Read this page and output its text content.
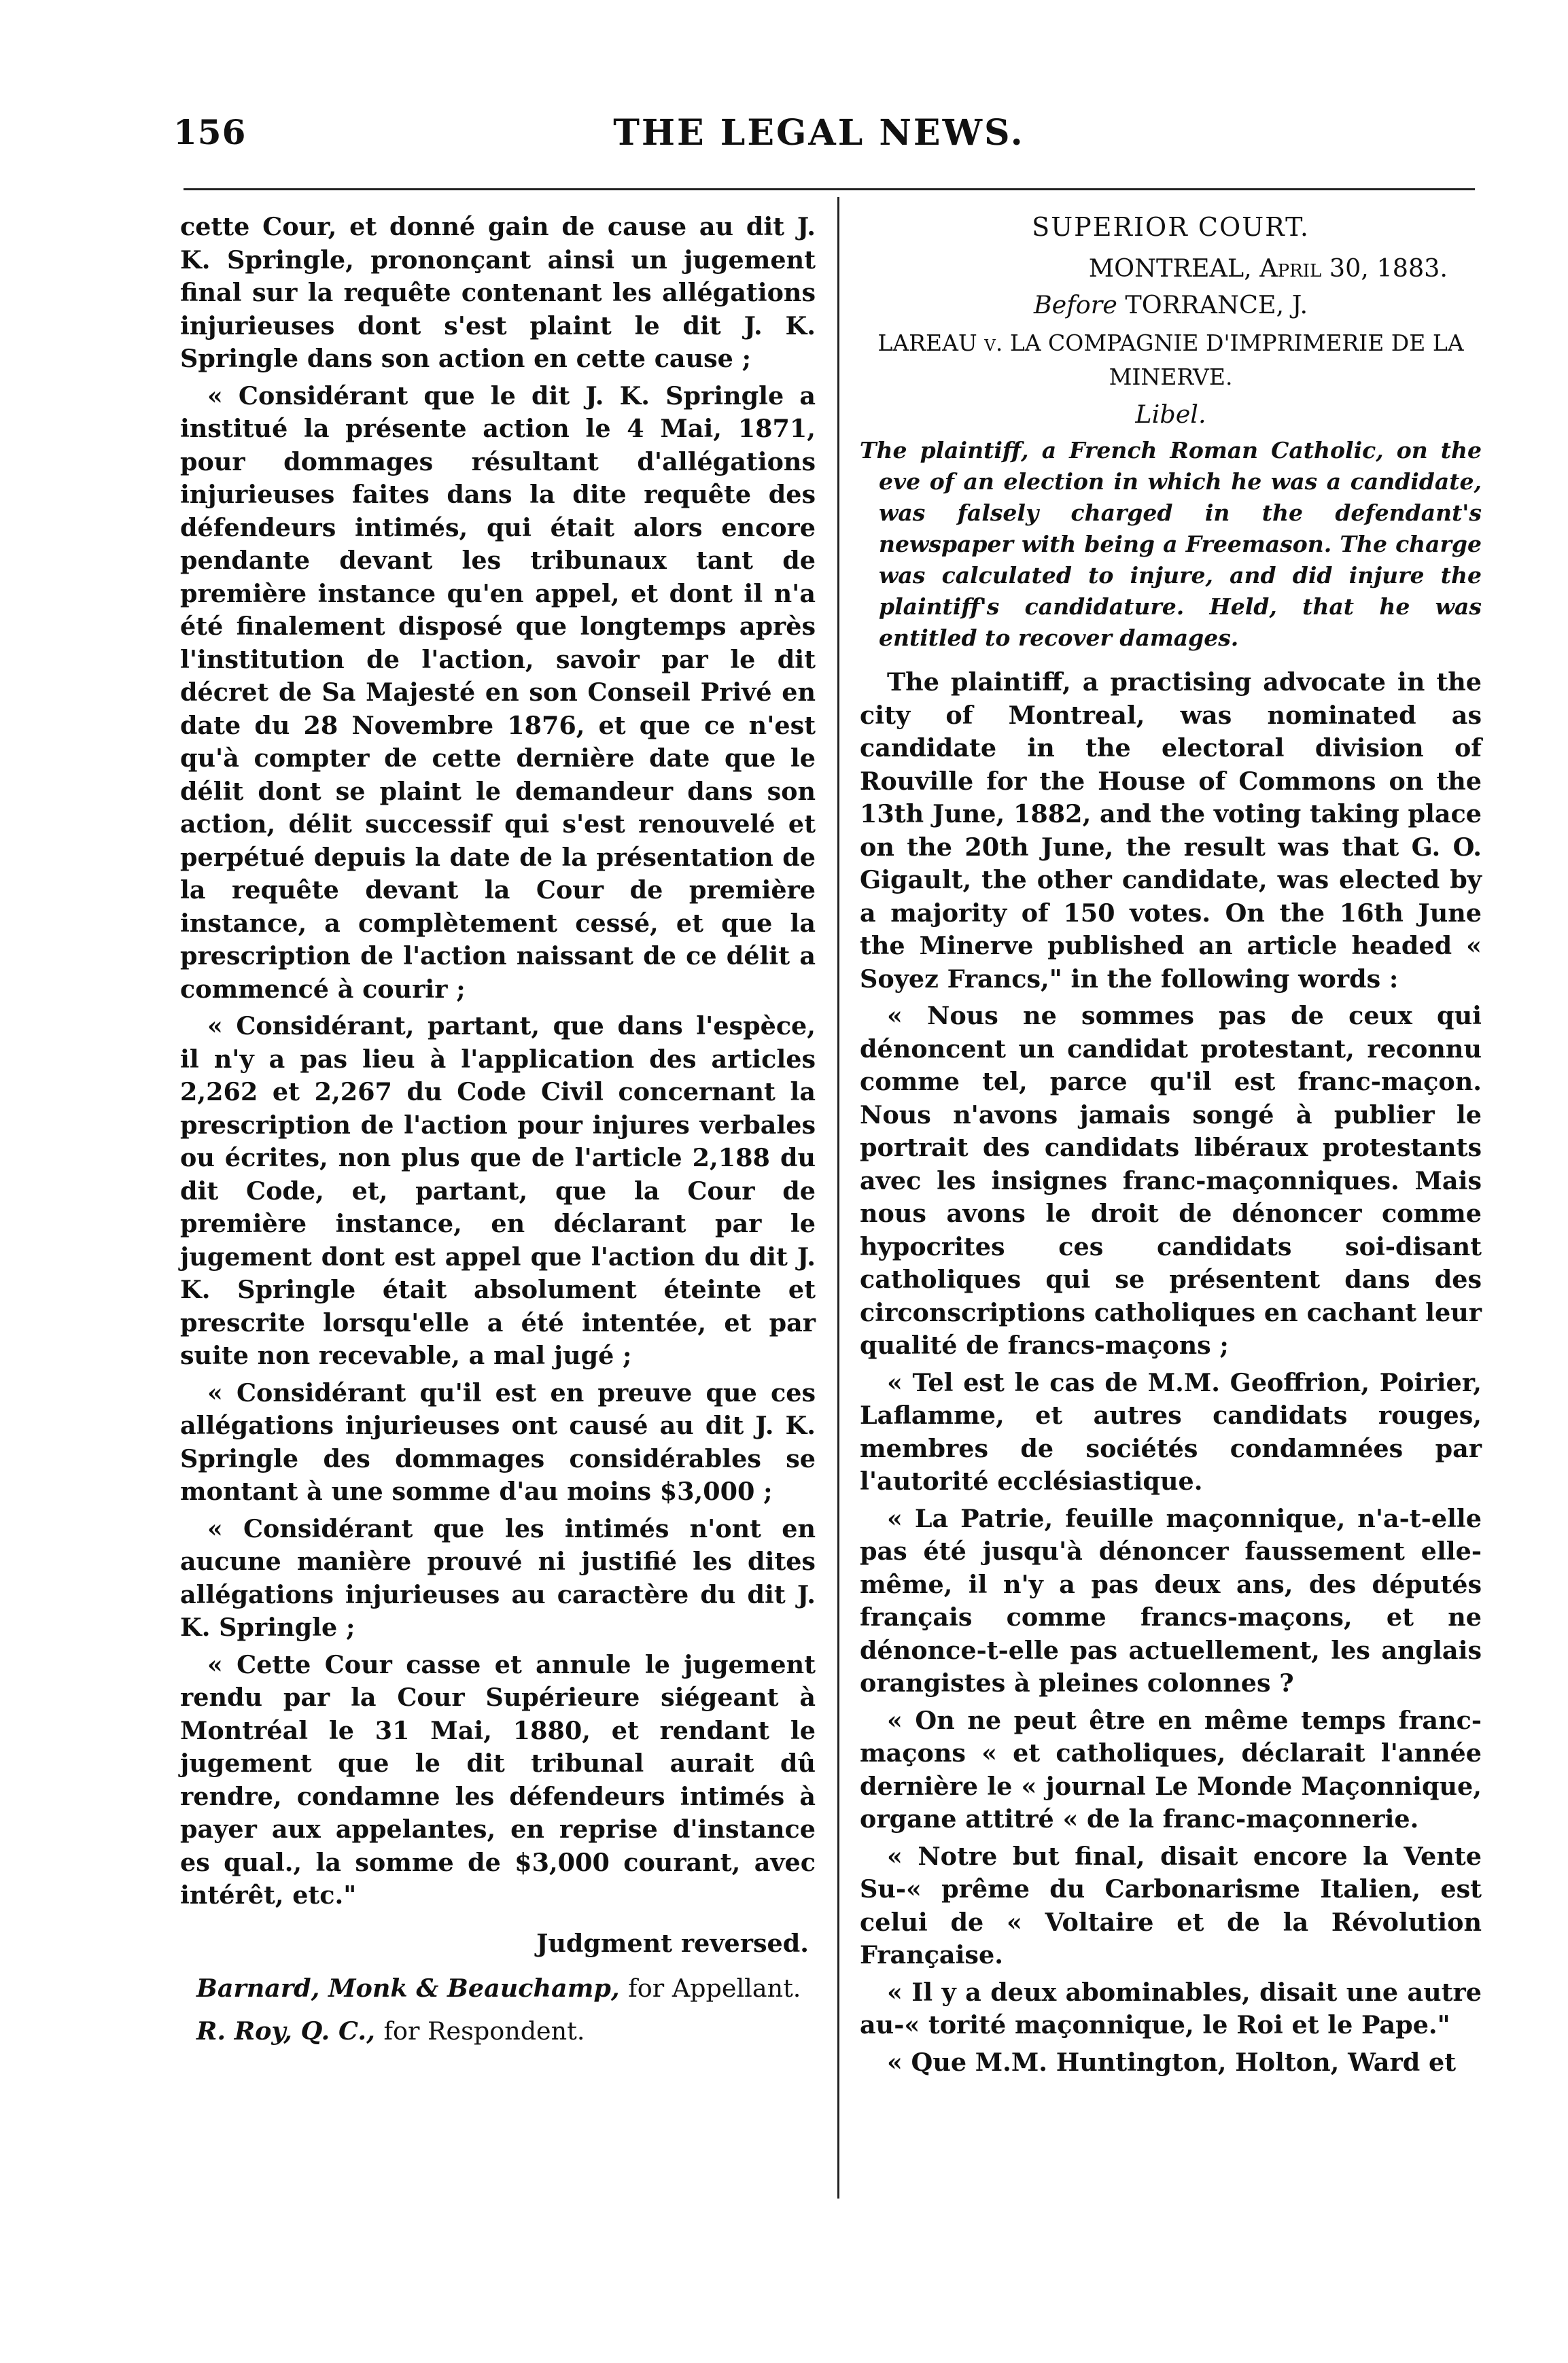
156	THE LEGAL NEWS.

cette Cour, et donné gain de cause au dit J. K. Springle, prononçant ainsi un jugement final sur la requête contenant les allégations injurieuses dont s'est plaint le dit J. K. Springle dans son action en cette cause ;

« Considérant que le dit J. K. Springle a institué la présente action le 4 Mai, 1871, pour dommages résultant d'allégations injurieuses faites dans la dite requête des défendeurs intimés, qui était alors encore pendante devant les tribunaux tant de première instance qu'en appel, et dont il n'a été finalement disposé que longtemps après l'institution de l'action, savoir par le dit décret de Sa Majesté en son Conseil Privé en date du 28 Novembre 1876, et que ce n'est qu'à compter de cette dernière date que le délit dont se plaint le demandeur dans son action, délit successif qui s'est renouvelé et perpétué depuis la date de la présentation de la requête devant la Cour de première instance, a complètement cessé, et que la prescription de l'action naissant de ce délit a commencé à courir ;

« Considérant, partant, que dans l'espèce, il n'y a pas lieu à l'application des articles 2,262 et 2,267 du Code Civil concernant la prescription de l'action pour injures verbales ou écrites, non plus que de l'article 2,188 du dit Code, et, partant, que la Cour de première instance, en déclarant par le jugement dont est appel que l'action du dit J. K. Springle était absolument éteinte et prescrite lorsqu'elle a été intentée, et par suite non recevable, a mal jugé ;

« Considérant qu'il est en preuve que ces allégations injurieuses ont causé au dit J. K. Springle des dommages considérables se montant à une somme d'au moins $3,000 ;

« Considérant que les intimés n'ont en aucune manière prouvé ni justifié les dites allégations injurieuses au caractère du dit J. K. Springle ;

« Cette Cour casse et annule le jugement rendu par la Cour Supérieure siégeant à Montréal le 31 Mai, 1880, et rendant le jugement que le dit tribunal aurait dû rendre, condamne les défendeurs intimés à payer aux appelantes, en reprise d'instance es qual., la somme de $3,000 courant, avec intérêt, etc."

Judgment reversed.

Barnard, Monk & Beauchamp, for Appellant.

R. Roy, Q. C., for Respondent.

SUPERIOR COURT.

MONTREAL, April 30, 1883.

Before TORRANCE, J.

LAREAU v. LA COMPAGNIE D'IMPRIMERIE DE LA MINERVE.

Libel.

The plaintiff, a French Roman Catholic, on the eve of an election in which he was a candidate, was falsely charged in the defendant's newspaper with being a Freemason. The charge was calculated to injure, and did injure the plaintiff's candidature. Held, that he was entitled to recover damages.

The plaintiff, a practising advocate in the city of Montreal, was nominated as candidate in the electoral division of Rouville for the House of Commons on the 13th June, 1882, and the voting taking place on the 20th June, the result was that G. O. Gigault, the other candidate, was elected by a majority of 150 votes. On the 16th June the Minerve published an article headed « Soyez Francs," in the following words :

« Nous ne sommes pas de ceux qui dénoncent un candidat protestant, reconnu comme tel, parce qu'il est franc-maçon. Nous n'avons jamais songé à publier le portrait des candidats libéraux protestants avec les insignes franc-maçonniques. Mais nous avons le droit de dénoncer comme hypocrites ces candidats soi-disant catholiques qui se présentent dans des circonscriptions catholiques en cachant leur qualité de francs-maçons ;

« Tel est le cas de M.M. Geoffrion, Poirier, Laflamme, et autres candidats rouges, membres de sociétés condamnées par l'autorité ecclésiastique.

« La Patrie, feuille maçonnique, n'a-t-elle pas été jusqu'à dénoncer faussement elle-même, il n'y a pas deux ans, des députés français comme francs-maçons, et ne dénonce-t-elle pas actuellement, les anglais orangistes à pleines colonnes ?

« On ne peut être en même temps franc-maçons « et catholiques, déclarait l'année dernière le « journal Le Monde Maçonnique, organe attitré « de la franc-maçonnerie.

« Notre but final, disait encore la Vente Su-« prême du Carbonarisme Italien, est celui de « Voltaire et de la Révolution Française.

« Il y a deux abominables, disait une autre au-« torité maçonnique, le Roi et le Pape."

« Que M.M. Huntington, Holton, Ward et
